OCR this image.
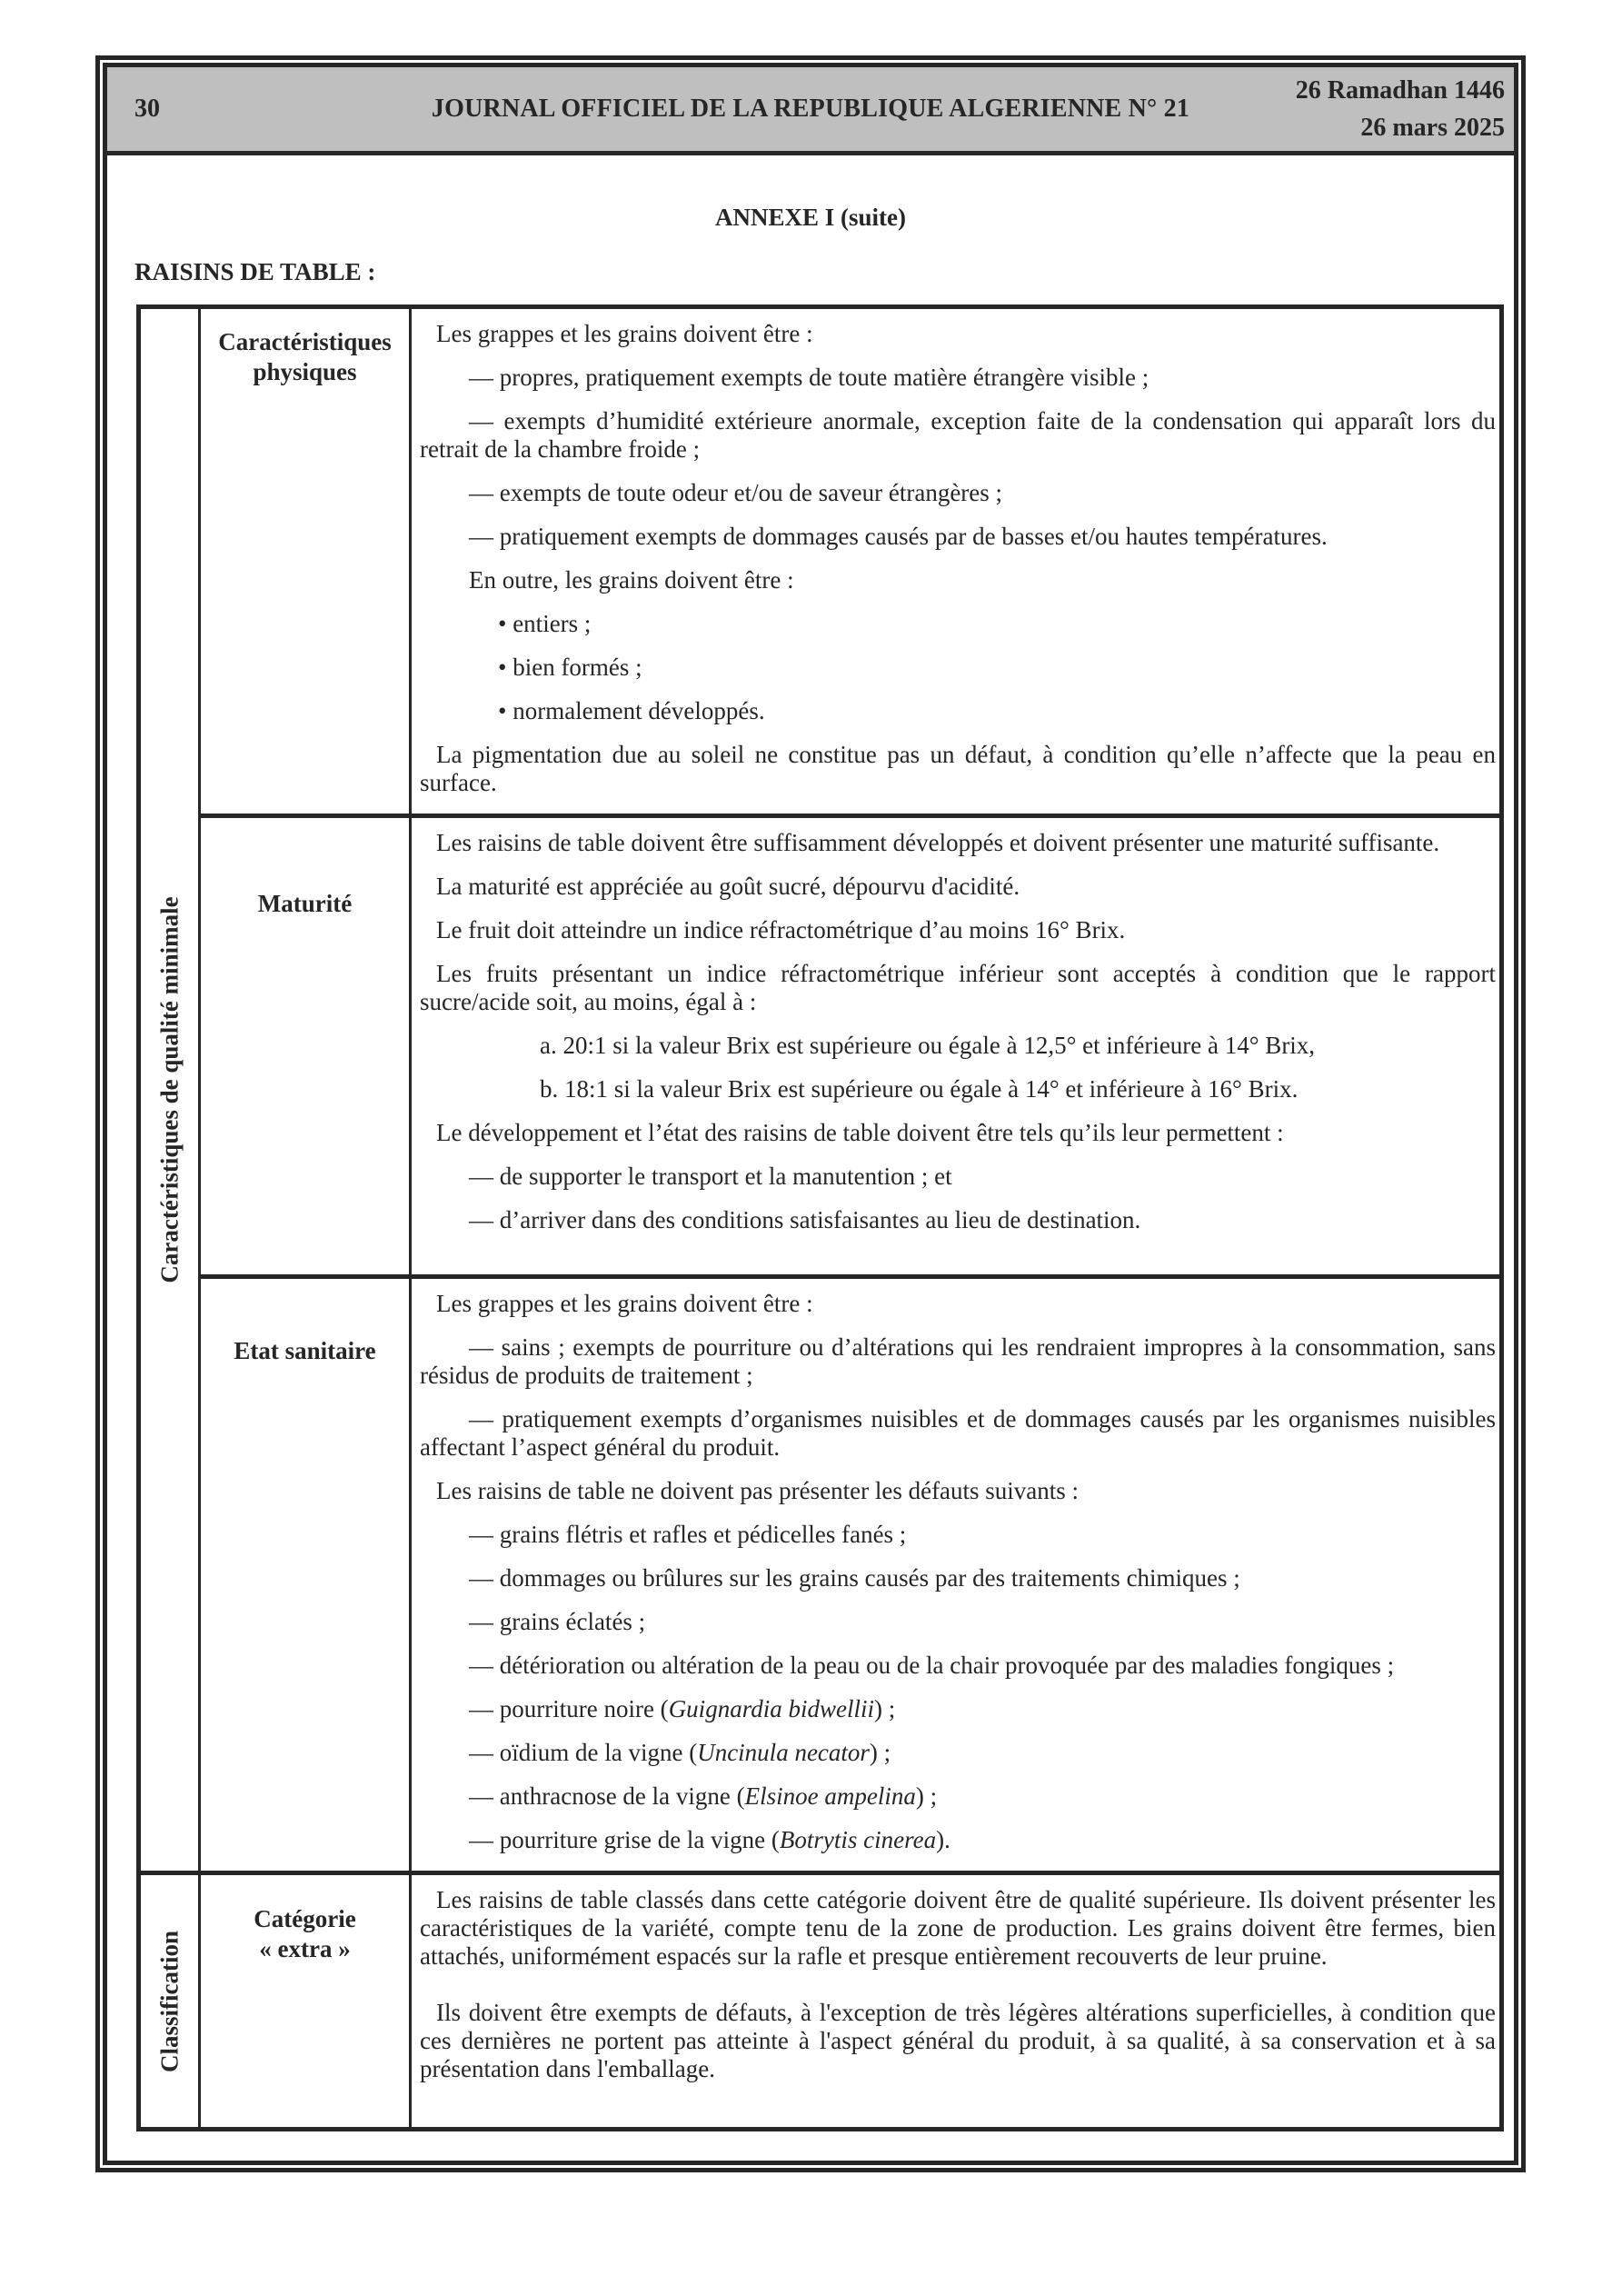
30	JOURNAL OFFICIEL DE LA REPUBLIQUE ALGERIENNE N° 21
26 Ramadhan 1446
26 mars 2025
ANNEXE I (suite)
RAISINS DE TABLE :
Caractéristiques de qualité minimale
Caractéristiques
physiques

Les grappes et les grains doivent être :

— propres, pratiquement exempts de toute matière étrangère visible ;

— exempts d’humidité extérieure anormale, exception faite de la condensation qui apparaît lors du retrait de la chambre froide ;

— exempts de toute odeur et/ou de saveur étrangères ;

— pratiquement exempts de dommages causés par de basses et/ou hautes températures.

En outre, les grains doivent être :

• entiers ;

• bien formés ;

• normalement développés.

La pigmentation due au soleil ne constitue pas un défaut, à condition qu’elle n’affecte que la peau en surface.

Maturité

Les raisins de table doivent être suffisamment développés et doivent présenter une maturité suffisante.

La maturité est appréciée au goût sucré, dépourvu d'acidité.

Le fruit doit atteindre un indice réfractométrique d’au moins 16° Brix.

Les fruits présentant un indice réfractométrique inférieur sont acceptés à condition que le rapport sucre/acide soit, au moins, égal à :

a. 20:1 si la valeur Brix est supérieure ou égale à 12,5° et inférieure à 14° Brix,

b. 18:1 si la valeur Brix est supérieure ou égale à 14° et inférieure à 16° Brix.

Le développement et l’état des raisins de table doivent être tels qu’ils leur permettent :

— de supporter le transport et la manutention ; et

— d’arriver dans des conditions satisfaisantes au lieu de destination.

Etat sanitaire

Les grappes et les grains doivent être :

— sains ; exempts de pourriture ou d’altérations qui les rendraient impropres à la consommation, sans résidus de produits de traitement ;

— pratiquement exempts d’organismes nuisibles et de dommages causés par les organismes nuisibles affectant l’aspect général du produit.

Les raisins de table ne doivent pas présenter les défauts suivants :

— grains flétris et rafles et pédicelles fanés ;

— dommages ou brûlures sur les grains causés par des traitements chimiques ;

— grains éclatés ;

— détérioration ou altération de la peau ou de la chair provoquée par des maladies fongiques ;

— pourriture noire (Guignardia bidwellii) ;

— oïdium de la vigne (Uncinula necator) ;

— anthracnose de la vigne (Elsinoe ampelina) ;

— pourriture grise de la vigne (Botrytis cinerea).

Classification
Catégorie
« extra »

Les raisins de table classés dans cette catégorie doivent être de qualité supérieure. Ils doivent présenter les caractéristiques de la variété, compte tenu de la zone de production. Les grains doivent être fermes, bien attachés, uniformément espacés sur la rafle et presque entièrement recouverts de leur pruine.

Ils doivent être exempts de défauts, à l'exception de très légères altérations superficielles, à condition que ces dernières ne portent pas atteinte à l'aspect général du produit, à sa qualité, à sa conservation et à sa présentation dans l'emballage.
